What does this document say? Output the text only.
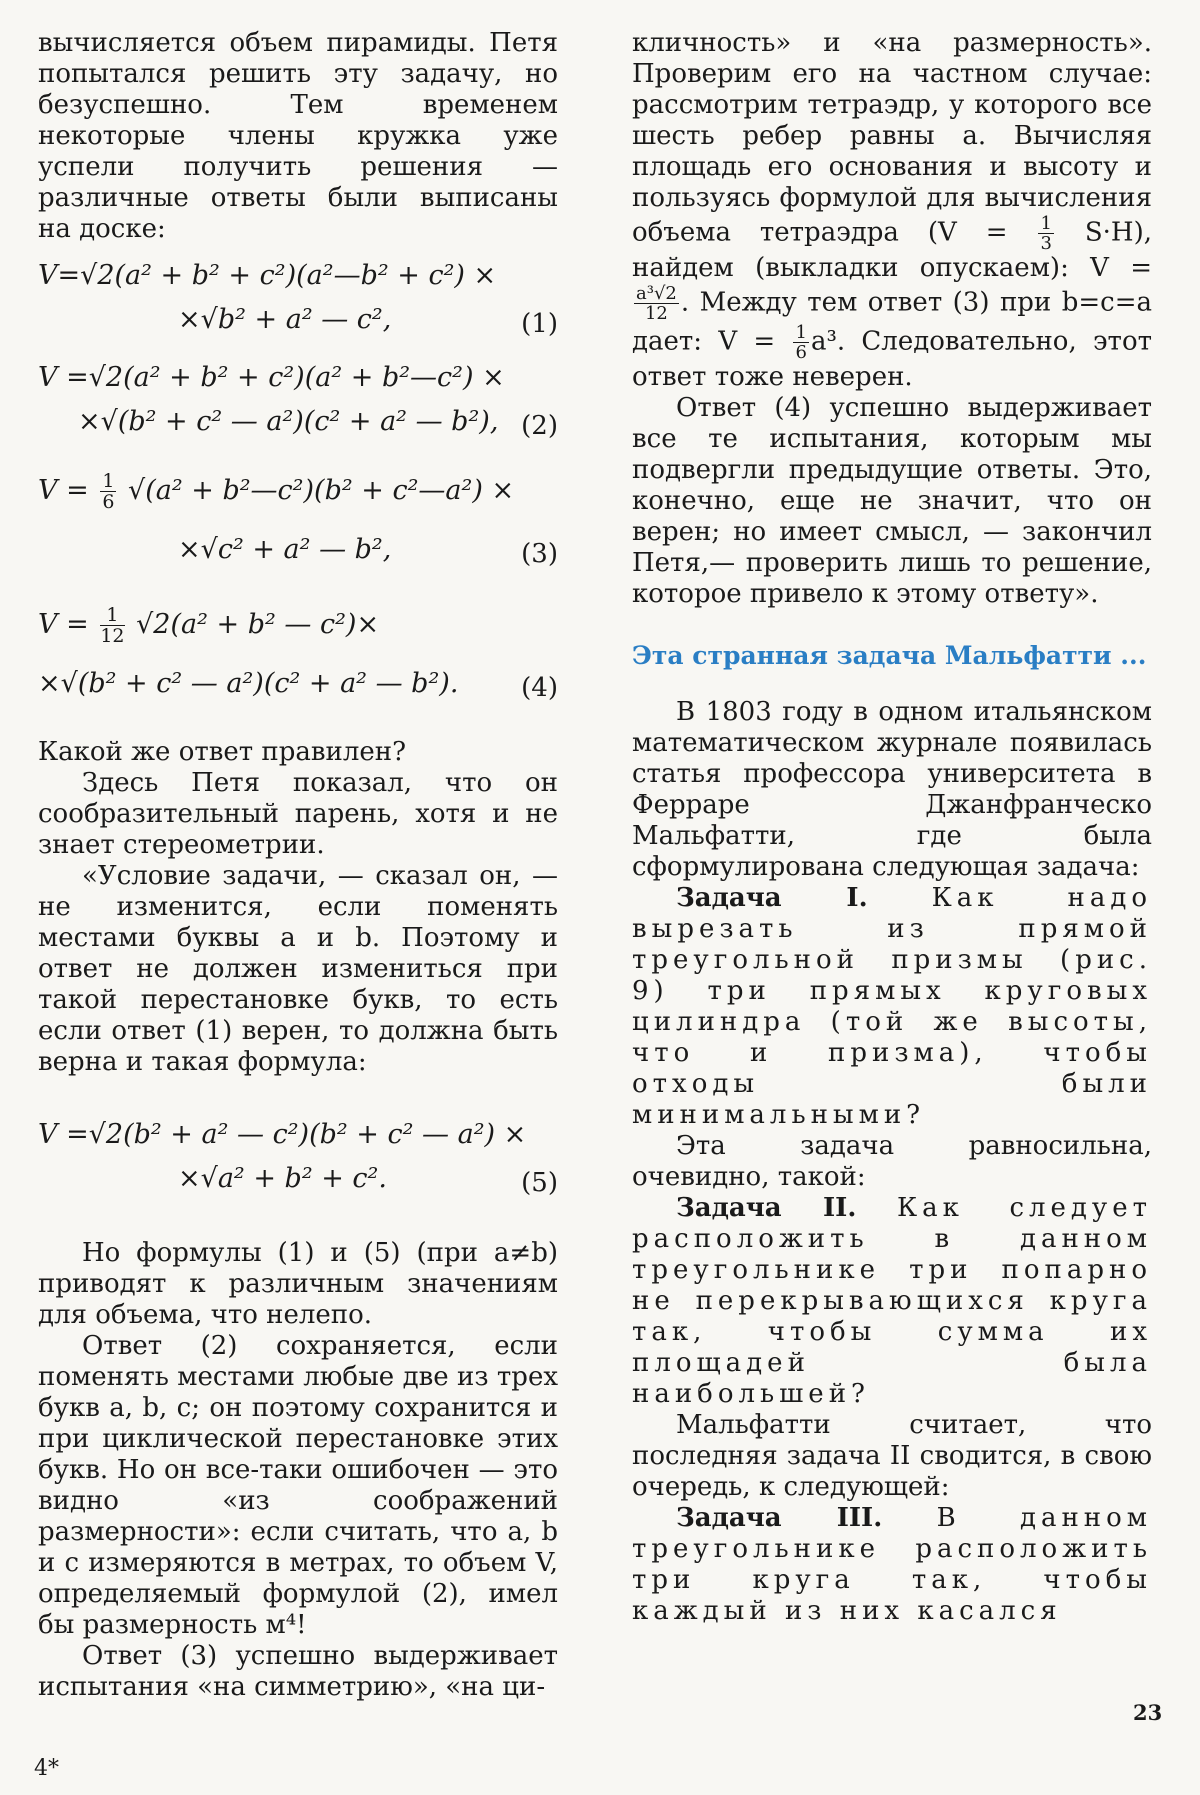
вычисляется объем пирамиды. Петя попытался решить эту задачу, но безуспешно. Тем временем некоторые члены кружка уже успели получить решения — различные ответы были выписаны на доске:

V=√2(a² + b² + c²)(a²—b² + c²) ×
×√b² + a² — c²,	(1)
V =√2(a² + b² + c²)(a² + b²—c²) ×
×√(b² + c² — a²)(c² + a² — b²), (2)
$V = \frac{1}{6} √(a^2$ + b²—c²)(b² + c²—a²) ×
×√c² + a² — b²,	(3)
$V = \frac{1}{12} √2(a^2 + b^2$ — c²)×
×√(b² + c² — a²)(c² + a² — b²). (4)

Какой же ответ правилен?

Здесь Петя показал, что он сообразительный парень, хотя и не знает стереометрии.

«Условие задачи, — сказал он, — не изменится, если поменять местами буквы a и b. Поэтому и ответ не должен измениться при такой перестановке букв, то есть если ответ (1) верен, то должна быть верна и такая формула:

V =√2(b² + a² — c²)(b² + c² — a²) ×
×√a² + b² + c².	(5)

Но формулы (1) и (5) (при a≠b) приводят к различным значениям для объема, что нелепо.

Ответ (2) сохраняется, если поменять местами любые две из трех букв a, b, c; он поэтому сохранится и при циклической перестановке этих букв. Но он все-таки ошибочен — это видно «из соображений размерности»: если считать, что a, b и c измеряются в метрах, то объем V, определяемый формулой (2), имел бы размерность м⁴!

Ответ (3) успешно выдерживает испытания «на симметрию», «на ци-

кличность» и «на размерность». Проверим его на частном случае: рассмотрим тетраэдр, у которого все шесть ребер равны a. Вычисляя площадь его основания и высоту и пользуясь формулой для вычисления объема тетраэдра $(V = \frac{1}{3} S\cdot H)$, найдем (выкладки опускаем): V =
$\frac{\text{a³√2}}{12}$ . Между тем ответ (3) при b=c=a дает: $V = \frac{1}{6} a^3$. Следовательно, этот ответ тоже неверен.

Ответ (4) успешно выдерживает все те испытания, которым мы подвергли предыдущие ответы. Это, конечно, еще не значит, что он верен; но имеет смысл, — закончил Петя,— проверить лишь то решение, которое привело к этому ответу».

Эта странная задача Мальфатти ...

В 1803 году в одном итальянском математическом журнале появилась статья профессора университета в Ферраре Джанфранческо Мальфатти, где была сформулирована следующая задача:

Задача I. Как надо вырезать из прямой треугольной призмы (рис. 9) три прямых круговых цилиндра (той же высоты, что и призма), чтобы отходы были минимальными?

Эта задача равносильна, очевидно, такой:

Задача II. Как следует расположить в данном треугольнике три попарно не перекрывающихся круга так, чтобы сумма их площадей была наибольшей?

Мальфатти считает, что последняя задача II сводится, в свою очередь, к следующей:

Задача III. В данном треугольнике расположить три круга так, чтобы каждый из них касался

23
4*
